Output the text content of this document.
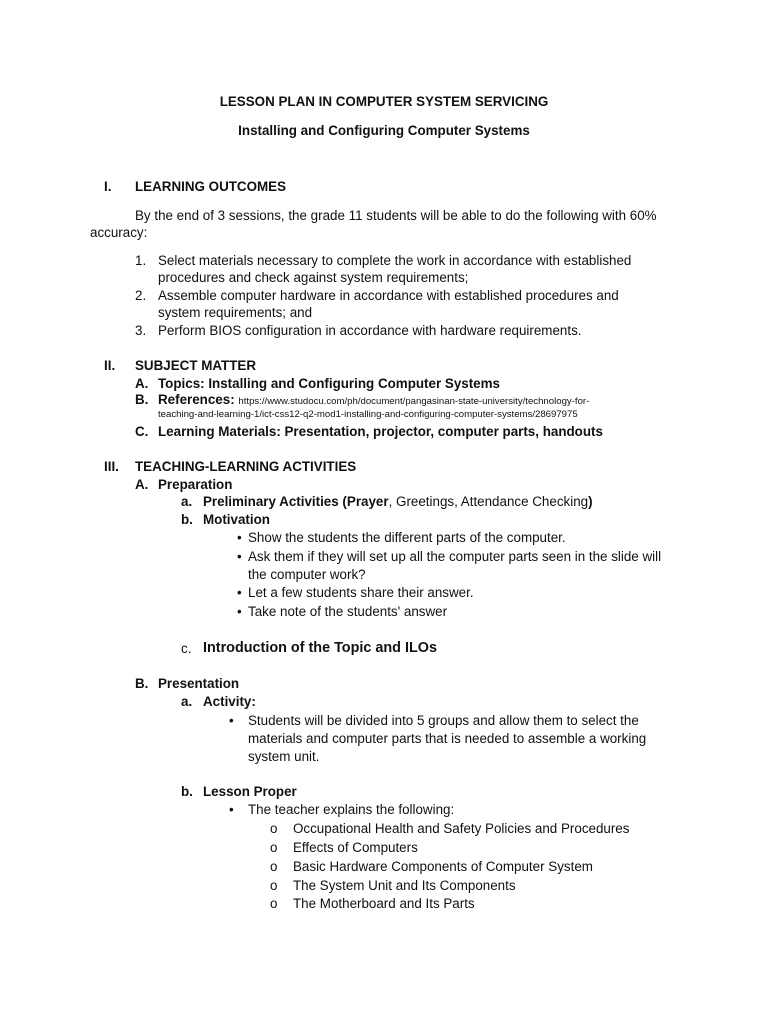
LESSON PLAN IN COMPUTER SYSTEM SERVICING
Installing and Configuring Computer Systems
I. LEARNING OUTCOMES
By the end of 3 sessions, the grade 11 students will be able to do the following with 60%
accuracy:
1. Select materials necessary to complete the work in accordance with established
procedures and check against system requirements;
2. Assemble computer hardware in accordance with established procedures and
system requirements; and
3. Perform BIOS configuration in accordance with hardware requirements.
II. SUBJECT MATTER
A. Topics: Installing and Configuring Computer Systems
B. References: https://www.studocu.com/ph/document/pangasinan-state-university/technology-for-
teaching-and-learning-1/ict-css12-q2-mod1-installing-and-configuring-computer-systems/28697975
C. Learning Materials: Presentation, projector, computer parts, handouts
III. TEACHING-LEARNING ACTIVITIES
A. Preparation
a. Preliminary Activities (Prayer, Greetings, Attendance Checking)
b. Motivation
• Show the students the different parts of the computer.
• Ask them if they will set up all the computer parts seen in the slide will
the computer work?
• Let a few students share their answer.
• Take note of the students' answer
c. Introduction of the Topic and ILOs
B. Presentation
a. Activity:
• Students will be divided into 5 groups and allow them to select the
materials and computer parts that is needed to assemble a working
system unit.
b. Lesson Proper
• The teacher explains the following:
o Occupational Health and Safety Policies and Procedures
o Effects of Computers
o Basic Hardware Components of Computer System
o The System Unit and Its Components
o The Motherboard and Its Parts
